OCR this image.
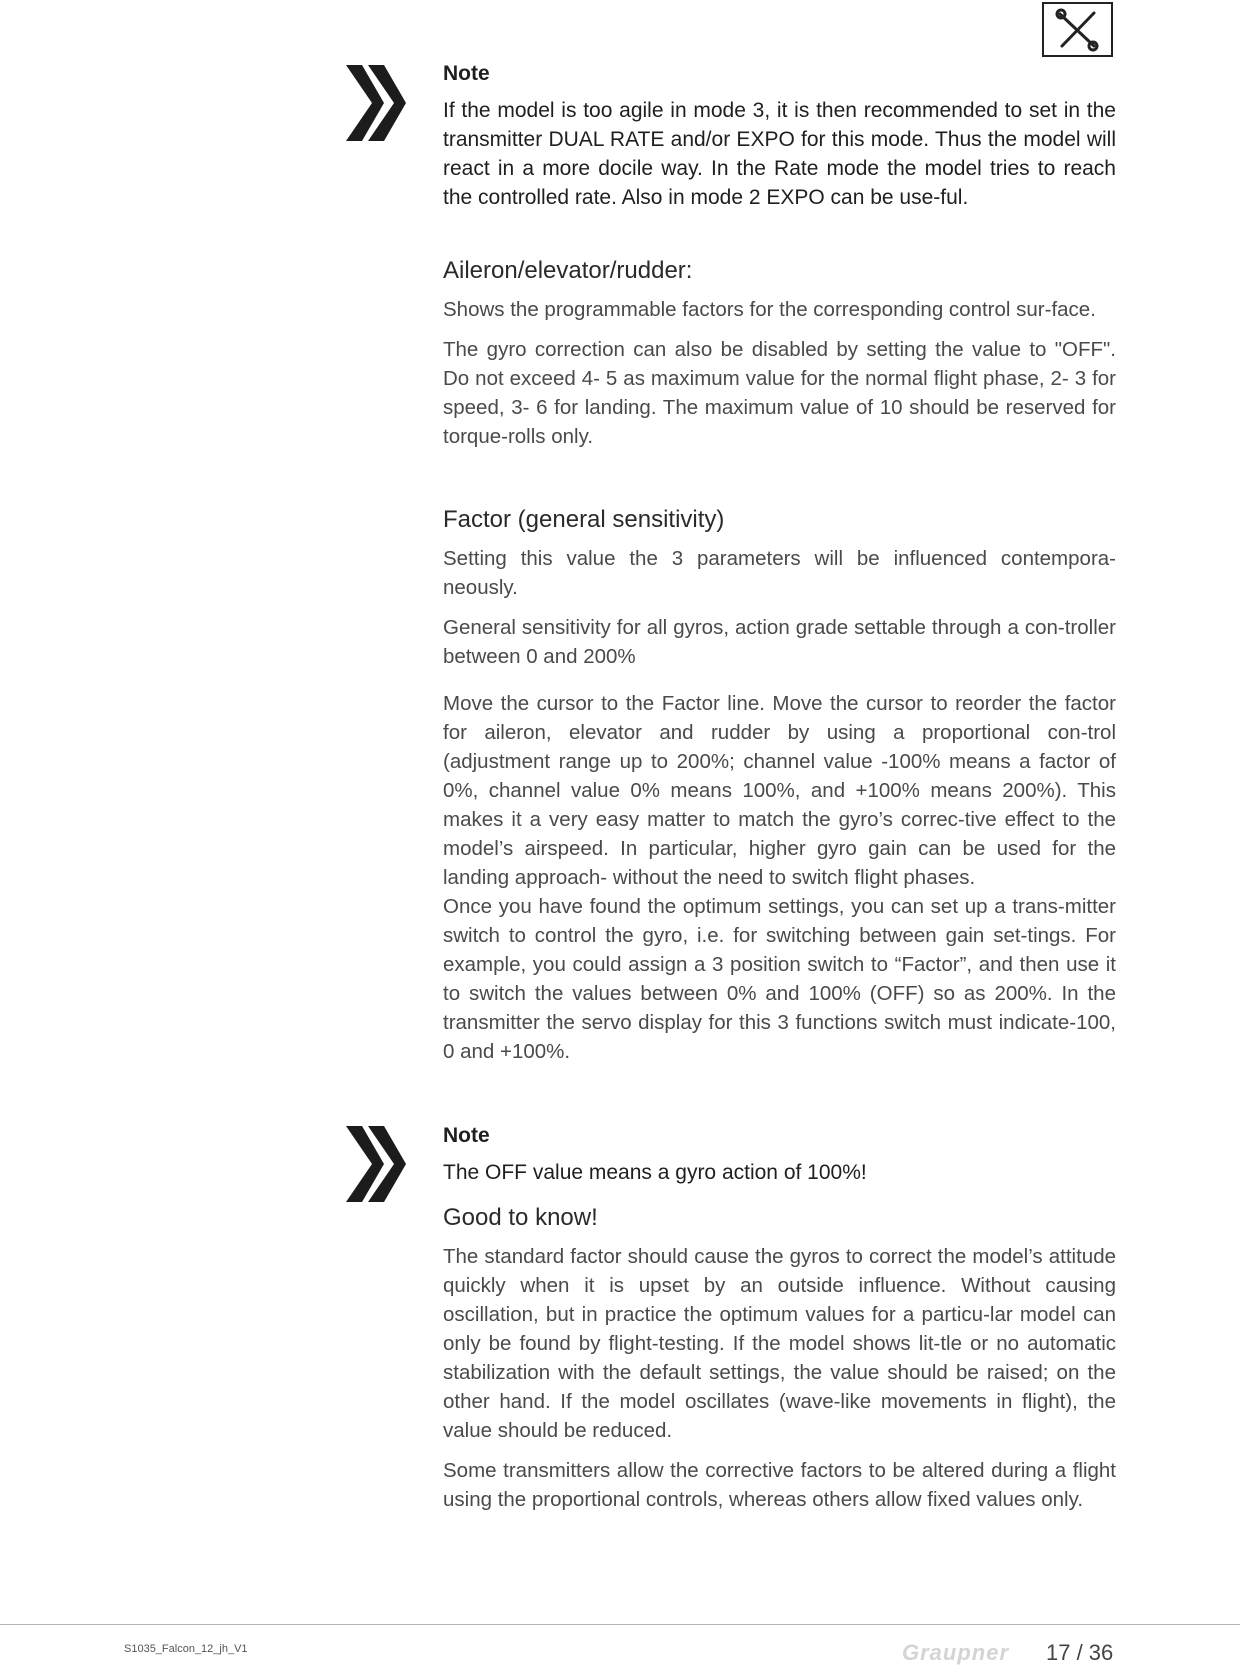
Note

If the model is too agile in mode 3, it is then recommended to set in the transmitter DUAL RATE and/or EXPO for this mode. Thus the model will react in a more docile way. In the Rate mode the model tries to reach the controlled rate. Also in mode 2 EXPO can be use-ful.

Aileron/elevator/rudder:

Shows the programmable factors for the corresponding control sur-face.

The gyro correction can also be disabled by setting the value to "OFF". Do not exceed 4- 5 as maximum value for the normal flight phase, 2- 3 for speed, 3- 6 for landing. The maximum value of 10 should be reserved for torque-rolls only.

Factor (general sensitivity)

Setting this value the 3 parameters will be influenced contempora-neously.

General sensitivity for all gyros, action grade settable through a con-troller between 0 and 200%

Move the cursor to the Factor line. Move the cursor to reorder the factor for aileron, elevator and rudder by using a proportional con-trol (adjustment range up to 200%; channel value -100% means a factor of 0%, channel value 0% means 100%, and +100% means 200%). This makes it a very easy matter to match the gyro’s correc-tive effect to the model’s airspeed. In particular, higher gyro gain can be used for the landing approach- without the need to switch flight phases.

Once you have found the optimum settings, you can set up a trans-mitter switch to control the gyro, i.e. for switching between gain set-tings. For example, you could assign a 3 position switch to “Factor”, and then use it to switch the values between 0% and 100% (OFF) so as 200%. In the transmitter the servo display for this 3 functions switch must indicate-100, 0 and +100%.

Note

The OFF value means a gyro action of 100%!

Good to know!

The standard factor should cause the gyros to correct the model’s attitude quickly when it is upset by an outside influence. Without causing oscillation, but in practice the optimum values for a particu-lar model can only be found by flight-testing. If the model shows lit-tle or no automatic stabilization with the default settings, the value should be raised; on the other hand. If the model oscillates (wave-like movements in flight), the value should be reduced.

Some transmitters allow the corrective factors to be altered during a flight using the proportional controls, whereas others allow fixed values only.

S1035_Falcon_12_jh_V1	Graupner 17 / 36
